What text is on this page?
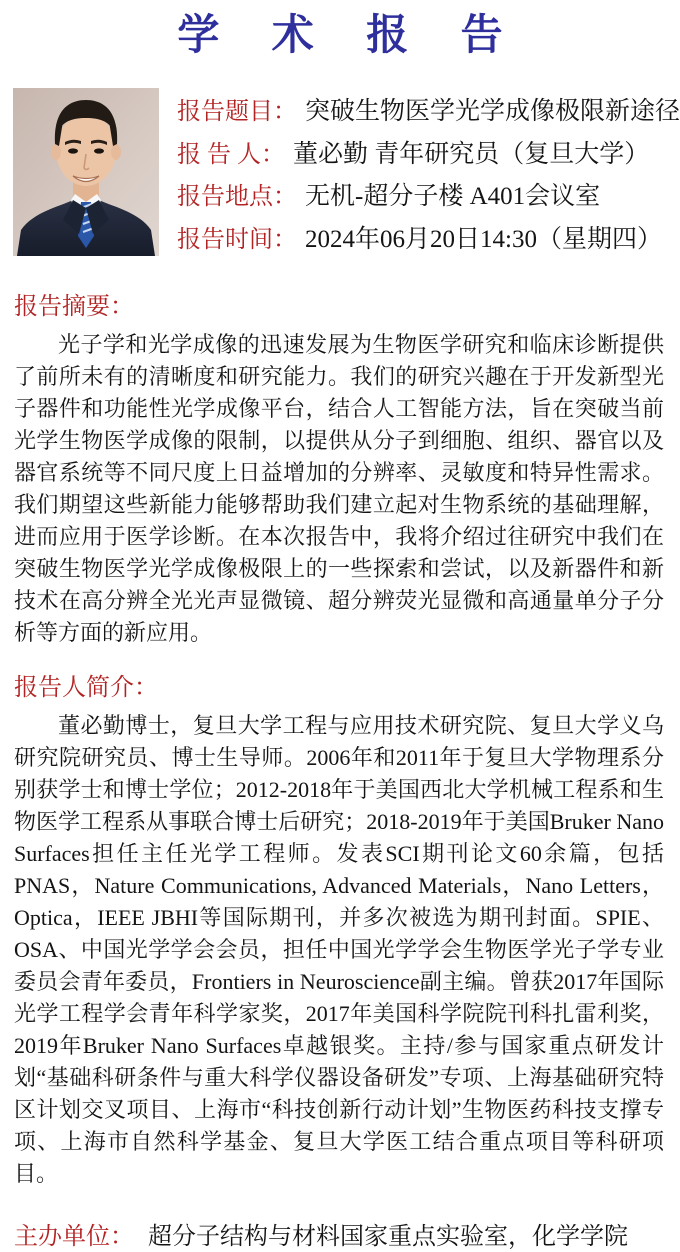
学 术 报 告
报告题目： 突破生物医学光学成像极限新途径
报 告 人： 董必勤 青年研究员（复旦大学）
报告地点： 无机-超分子楼 A401会议室
报告时间： 2024年06月20日14:30（星期四）
报告摘要：
光子学和光学成像的迅速发展为生物医学研究和临床诊断提供了前所未有的清晰度和研究能力。我们的研究兴趣在于开发新型光子器件和功能性光学成像平台，结合人工智能方法，旨在突破当前光学生物医学成像的限制，以提供从分子到细胞、组织、器官以及器官系统等不同尺度上日益增加的分辨率、灵敏度和特异性需求。我们期望这些新能力能够帮助我们建立起对生物系统的基础理解，进而应用于医学诊断。在本次报告中，我将介绍过往研究中我们在突破生物医学光学成像极限上的一些探索和尝试，以及新器件和新技术在高分辨全光光声显微镜、超分辨荧光显微和高通量单分子分析等方面的新应用。
报告人简介：
董必勤博士，复旦大学工程与应用技术研究院、复旦大学义乌研究院研究员、博士生导师。2006年和2011年于复旦大学物理系分别获学士和博士学位；2012-2018年于美国西北大学机械工程系和生物医学工程系从事联合博士后研究；2018-2019年于美国Bruker Nano Surfaces担任主任光学工程师。发表SCI期刊论文60余篇，包括PNAS，Nature Communications, Advanced Materials，Nano Letters，Optica，IEEE JBHI等国际期刊，并多次被选为期刊封面。SPIE、OSA、中国光学学会会员，担任中国光学学会生物医学光子学专业委员会青年委员，Frontiers in Neuroscience副主编。曾获2017年国际光学工程学会青年科学家奖，2017年美国科学院院刊科扎雷利奖，2019年Bruker Nano Surfaces卓越银奖。主持/参与国家重点研发计划“基础科研条件与重大科学仪器设备研发”专项、上海基础研究特区计划交叉项目、上海市“科技创新行动计划”生物医药科技支撑专项、上海市自然科学基金、复旦大学医工结合重点项目等科研项目。
主办单位： 超分子结构与材料国家重点实验室，化学学院
